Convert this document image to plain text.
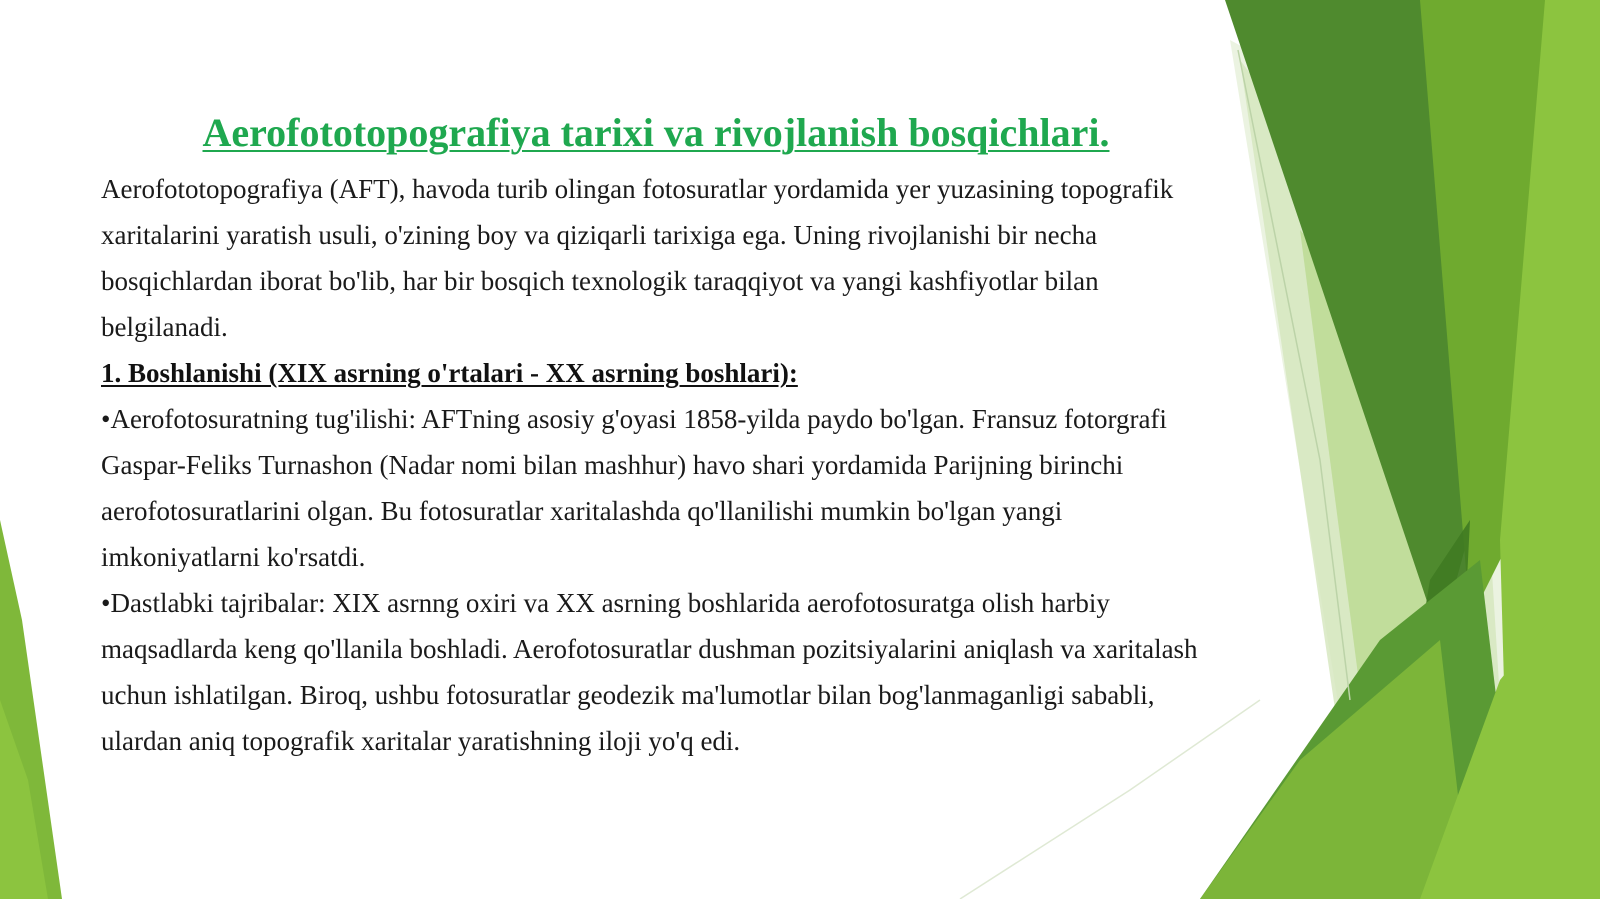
Aerofototopografiya tarixi va rivojlanish bosqichlari.

Aerofototopografiya (AFT), havoda turib olingan fotosuratlar yordamida yer yuzasining topografik xaritalarini yaratish usuli, o'zining boy va qiziqarli tarixiga ega. Uning rivojlanishi bir necha bosqichlardan iborat bo'lib, har bir bosqich texnologik taraqqiyot va yangi kashfiyotlar bilan belgilanadi.

1. Boshlanishi (XIX asrning o'rtalari - XX asrning boshlari):

•Aerofotosuratning tug'ilishi: AFTning asosiy g'oyasi 1858-yilda paydo bo'lgan. Fransuz fotorgrafi Gaspar-Feliks Turnashon (Nadar nomi bilan mashhur) havo shari yordamida Parijning birinchi aerofotosuratlarini olgan. Bu fotosuratlar xaritalashda qo'llanilishi mumkin bo'lgan yangi imkoniyatlarni ko'rsatdi.

•Dastlabki tajribalar: XIX asrnng oxiri va XX asrning boshlarida aerofotosuratga olish harbiy maqsadlarda keng qo'llanila boshladi. Aerofotosuratlar dushman pozitsiyalarini aniqlash va xaritalash uchun ishlatilgan. Biroq, ushbu fotosuratlar geodezik ma'lumotlar bilan bog'lanmaganligi sababli, ulardan aniq topografik xaritalar yaratishning iloji yo'q edi.
